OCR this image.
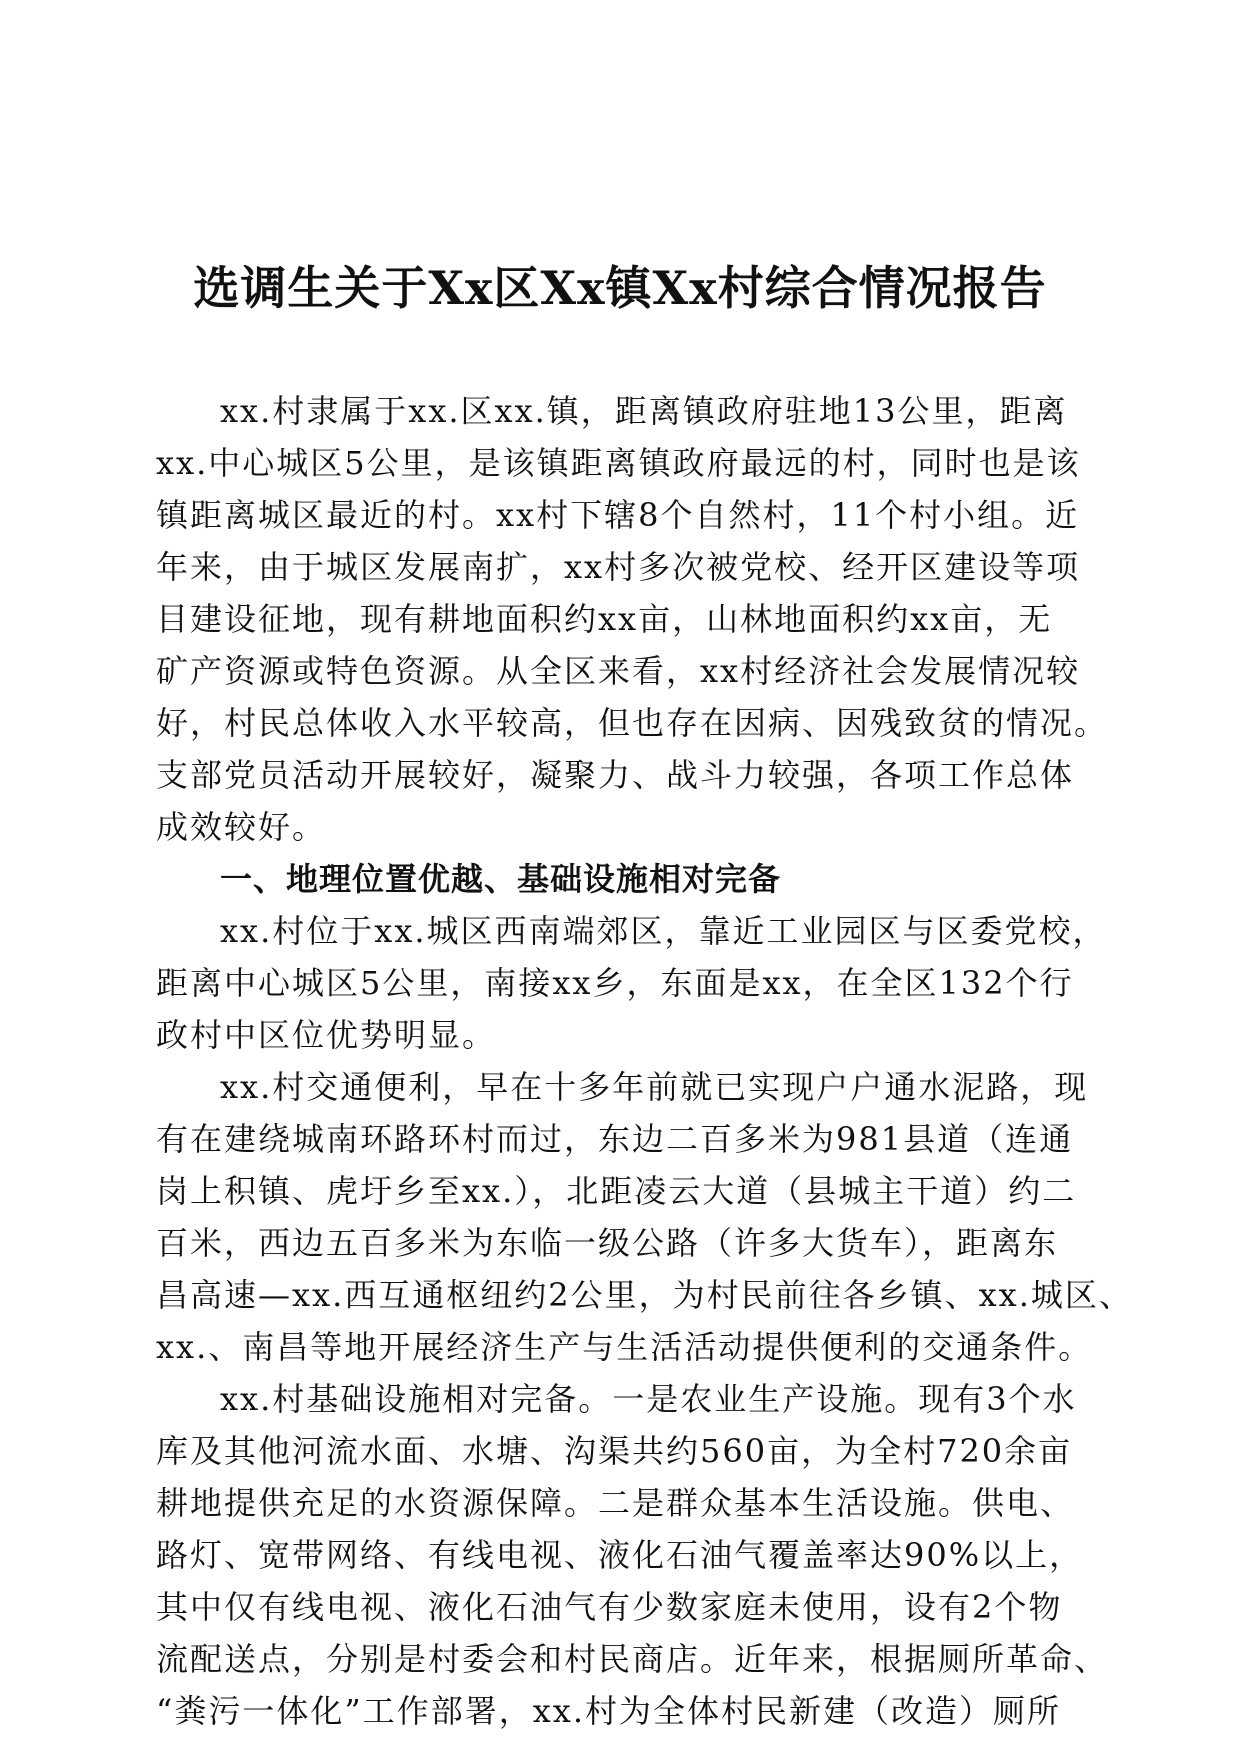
选调生关于Xx区Xx镇Xx村综合情况报告
xx.村隶属于xx.区xx.镇，距离镇政府驻地13公里，距离
xx.中心城区5公里，是该镇距离镇政府最远的村，同时也是该
镇距离城区最近的村。xx村下辖8个自然村，11个村小组。近
年来，由于城区发展南扩，xx村多次被党校、经开区建设等项
目建设征地，现有耕地面积约xx亩，山林地面积约xx亩，无
矿产资源或特色资源。从全区来看，xx村经济社会发展情况较
好，村民总体收入水平较高，但也存在因病、因残致贫的情况。
支部党员活动开展较好，凝聚力、战斗力较强，各项工作总体
成效较好。
一、地理位置优越、基础设施相对完备
xx.村位于xx.城区西南端郊区，靠近工业园区与区委党校，
距离中心城区5公里，南接xx乡，东面是xx，在全区132个行
政村中区位优势明显。
xx.村交通便利，早在十多年前就已实现户户通水泥路，现
有在建绕城南环路环村而过，东边二百多米为981县道（连通
岗上积镇、虎圩乡至xx.），北距凌云大道（县城主干道）约二
百米，西边五百多米为东临一级公路（许多大货车），距离东
昌高速—xx.西互通枢纽约2公里，为村民前往各乡镇、xx.城区、
xx.、南昌等地开展经济生产与生活活动提供便利的交通条件。
xx.村基础设施相对完备。一是农业生产设施。现有3个水
库及其他河流水面、水塘、沟渠共约560亩，为全村720余亩
耕地提供充足的水资源保障。二是群众基本生活设施。供电、
路灯、宽带网络、有线电视、液化石油气覆盖率达90%以上，
其中仅有线电视、液化石油气有少数家庭未使用，设有2个物
流配送点，分别是村委会和村民商店。近年来，根据厕所革命、
“粪污一体化”工作部署，xx.村为全体村民新建（改造）厕所
